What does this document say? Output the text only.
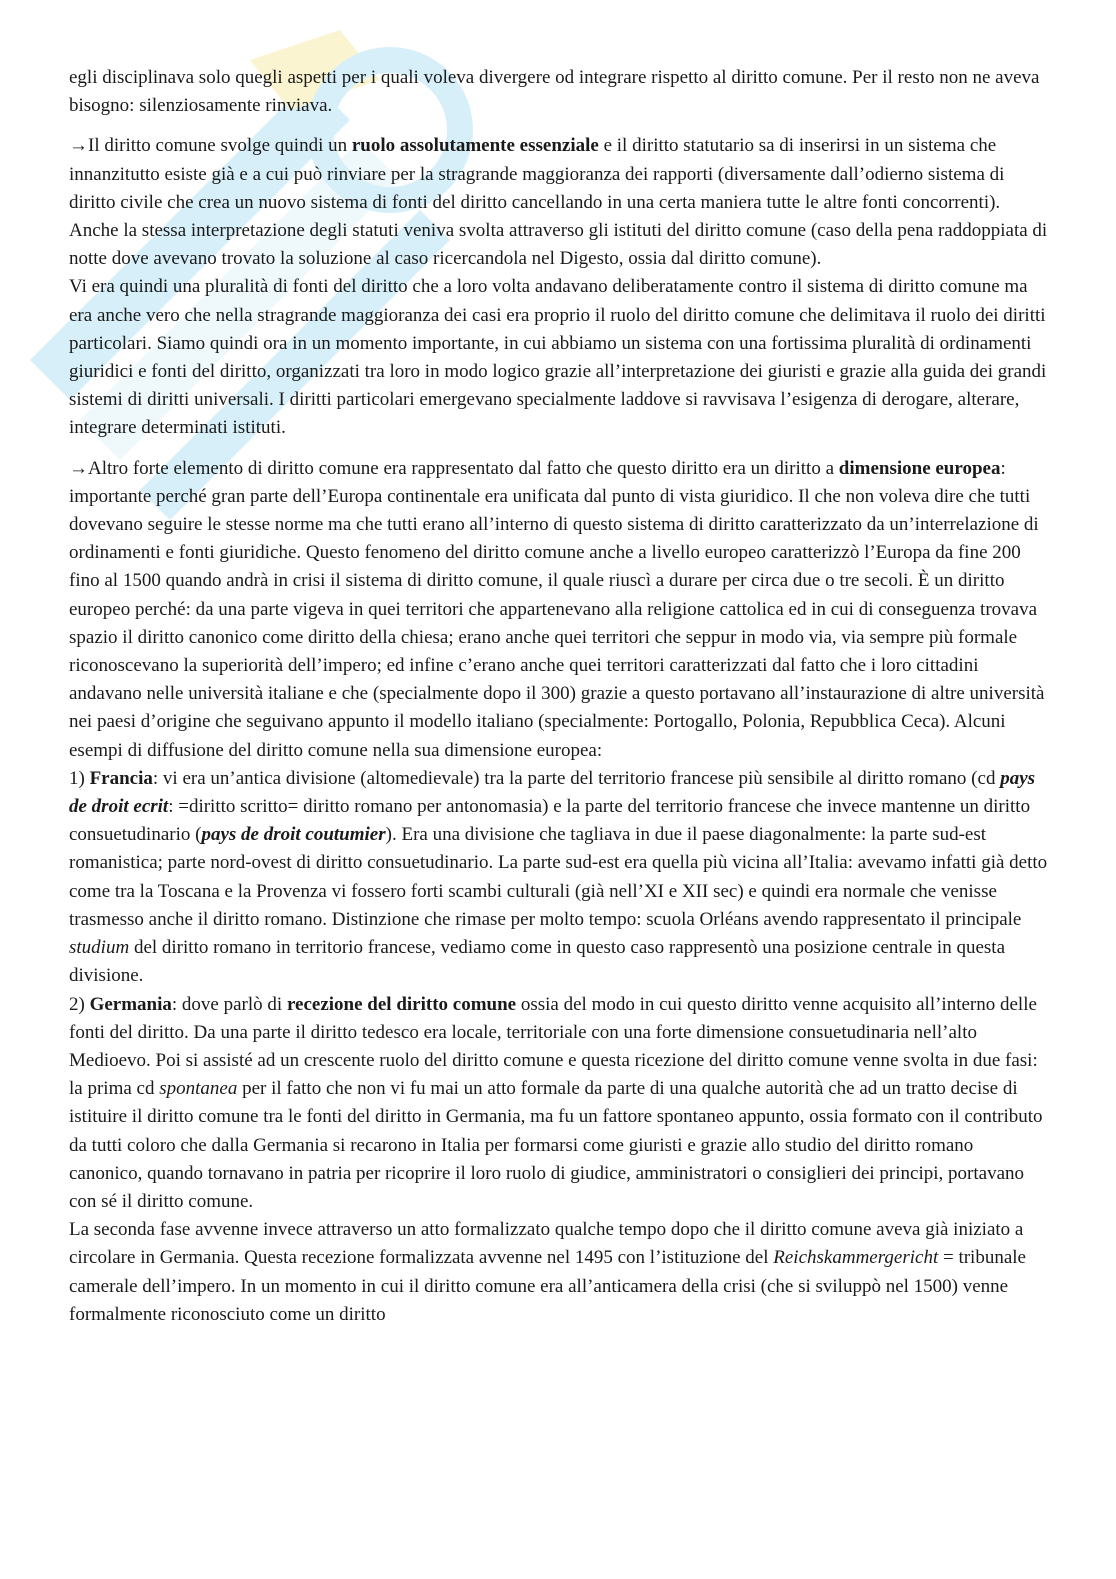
egli disciplinava solo quegli aspetti per i quali voleva divergere od integrare rispetto al diritto comune. Per il resto non ne aveva bisogno: silenziosamente rinviava.

→Il diritto comune svolge quindi un ruolo assolutamente essenziale e il diritto statutario sa di inserirsi in un sistema che innanzitutto esiste già e a cui può rinviare per la stragrande maggioranza dei rapporti (diversamente dall’odierno sistema di diritto civile che crea un nuovo sistema di fonti del diritto cancellando in una certa maniera tutte le altre fonti concorrenti). Anche la stessa interpretazione degli statuti veniva svolta attraverso gli istituti del diritto comune (caso della pena raddoppiata di notte dove avevano trovato la soluzione al caso ricercandola nel Digesto, ossia dal diritto comune).

Vi era quindi una pluralità di fonti del diritto che a loro volta andavano deliberatamente contro il sistema di diritto comune ma era anche vero che nella stragrande maggioranza dei casi era proprio il ruolo del diritto comune che delimitava il ruolo dei diritti particolari. Siamo quindi ora in un momento importante, in cui abbiamo un sistema con una fortissima pluralità di ordinamenti giuridici e fonti del diritto, organizzati tra loro in modo logico grazie all’interpretazione dei giuristi e grazie alla guida dei grandi sistemi di diritti universali. I diritti particolari emergevano specialmente laddove si ravvisava l’esigenza di derogare, alterare, integrare determinati istituti.

→Altro forte elemento di diritto comune era rappresentato dal fatto che questo diritto era un diritto a dimensione europea: importante perché gran parte dell’Europa continentale era unificata dal punto di vista giuridico. Il che non voleva dire che tutti dovevano seguire le stesse norme ma che tutti erano all’interno di questo sistema di diritto caratterizzato da un’interrelazione di ordinamenti e fonti giuridiche. Questo fenomeno del diritto comune anche a livello europeo caratterizzò l’Europa da fine 200 fino al 1500 quando andrà in crisi il sistema di diritto comune, il quale riuscì a durare per circa due o tre secoli. È un diritto europeo perché: da una parte vigeva in quei territori che appartenevano alla religione cattolica ed in cui di conseguenza trovava spazio il diritto canonico come diritto della chiesa; erano anche quei territori che seppur in modo via, via sempre più formale riconoscevano la superiorità dell’impero; ed infine c’erano anche quei territori caratterizzati dal fatto che i loro cittadini andavano nelle università italiane e che (specialmente dopo il 300) grazie a questo portavano all’instaurazione di altre università nei paesi d’origine che seguivano appunto il modello italiano (specialmente: Portogallo, Polonia, Repubblica Ceca). Alcuni esempi di diffusione del diritto comune nella sua dimensione europea:

1) Francia: vi era un’antica divisione (altomedievale) tra la parte del territorio francese più sensibile al diritto romano (cd pays de droit ecrit: =diritto scritto= diritto romano per antonomasia) e la parte del territorio francese che invece mantenne un diritto consuetudinario (pays de droit coutumier). Era una divisione che tagliava in due il paese diagonalmente: la parte sud-est romanistica; parte nord-ovest di diritto consuetudinario. La parte sud-est era quella più vicina all’Italia: avevamo infatti già detto come tra la Toscana e la Provenza vi fossero forti scambi culturali (già nell’XI e XII sec) e quindi era normale che venisse trasmesso anche il diritto romano. Distinzione che rimase per molto tempo: scuola Orléans avendo rappresentato il principale studium del diritto romano in territorio francese, vediamo come in questo caso rappresentò una posizione centrale in questa divisione.

2) Germania: dove parlò di recezione del diritto comune ossia del modo in cui questo diritto venne acquisito all’interno delle fonti del diritto. Da una parte il diritto tedesco era locale, territoriale con una forte dimensione consuetudinaria nell’alto Medioevo. Poi si assisté ad un crescente ruolo del diritto comune e questa ricezione del diritto comune venne svolta in due fasi: la prima cd spontanea per il fatto che non vi fu mai un atto formale da parte di una qualche autorità che ad un tratto decise di istituire il diritto comune tra le fonti del diritto in Germania, ma fu un fattore spontaneo appunto, ossia formato con il contributo da tutti coloro che dalla Germania si recarono in Italia per formarsi come giuristi e grazie allo studio del diritto romano canonico, quando tornavano in patria per ricoprire il loro ruolo di giudice, amministratori o consiglieri dei principi, portavano con sé il diritto comune.

La seconda fase avvenne invece attraverso un atto formalizzato qualche tempo dopo che il diritto comune aveva già iniziato a circolare in Germania. Questa recezione formalizzata avvenne nel 1495 con l’istituzione del Reichskammergericht = tribunale camerale dell’impero. In un momento in cui il diritto comune era all’anticamera della crisi (che si sviluppò nel 1500) venne formalmente riconosciuto come un diritto
